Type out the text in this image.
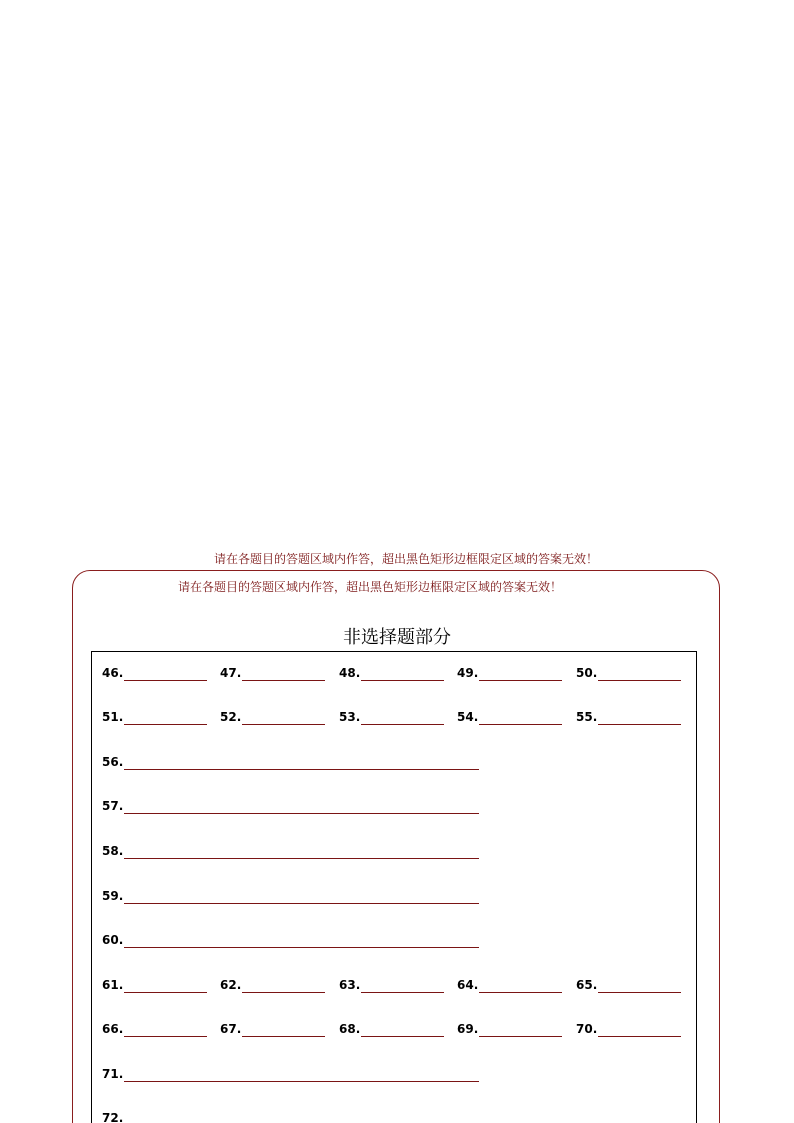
请在各题目的答题区域内作答，超出黑色矩形边框限定区域的答案无效！
请在各题目的答题区域内作答，超出黑色矩形边框限定区域的答案无效！
非选择题部分
46.	47.	48.	49.	50.
51.	52.	53.	54.	55.
56.
57.
58.
59.
60.
61.	62.	63.	64.	65.
66.	67.	68.	69.	70.
71.
72.
